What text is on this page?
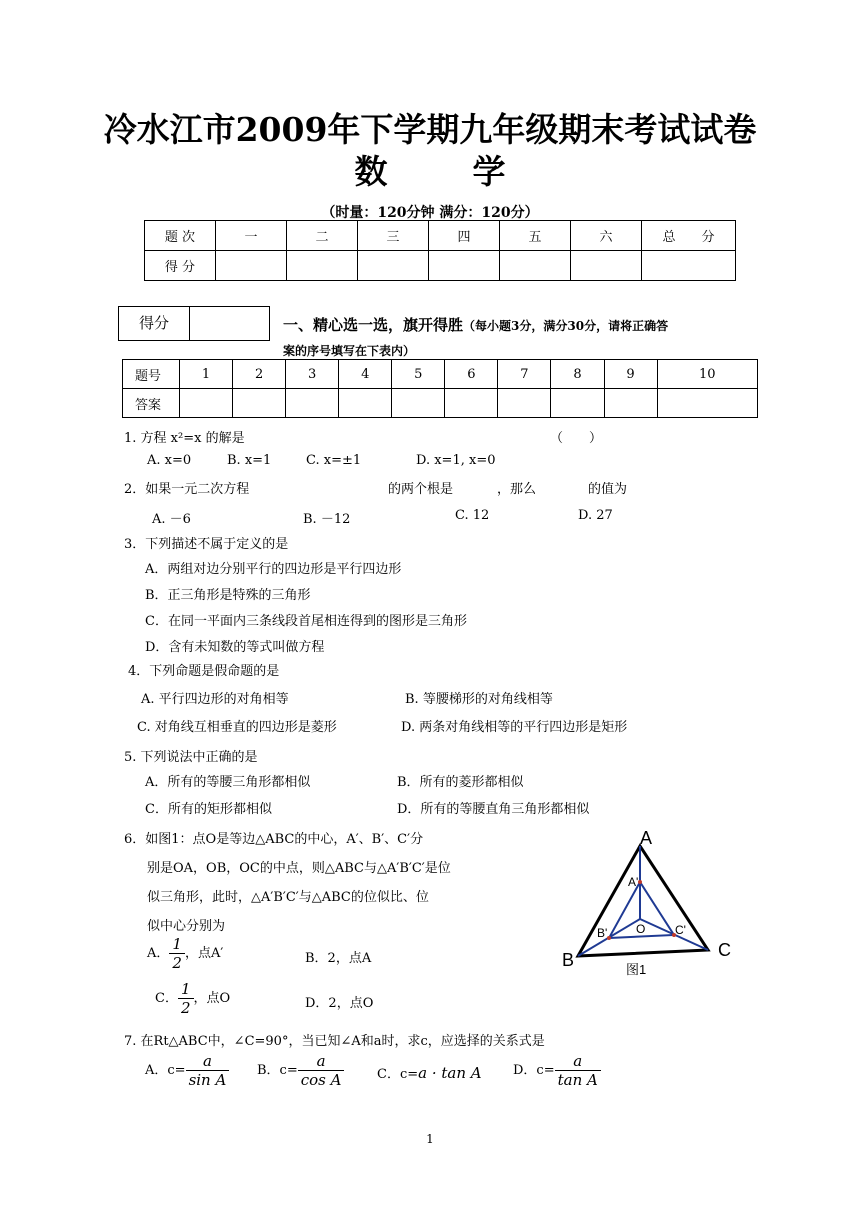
冷水江市2009年下学期九年级期末考试试卷
数	学
（时量：120分钟 满分：120分）
题 次	一	二	三	四	五	六	总　　分
得 分							
得分	一、精心选一选，旗开得胜（每小题3分，满分30分，请将正确答
案的序号填写在下表内）
题号	1	2	3	4	5	6	7	8	9	10
答案										
1. 方程 x²=x 的解是	（　　）
A. x=0	B. x=1	C. x=±1	D. x=1, x=0
2．如果一元二次方程	的两个根是	，那么	的值为
A. －6	B. －12	C. 12	D. 27
3．下列描述不属于定义的是
A．两组对边分别平行的四边形是平行四边形
B．正三角形是特殊的三角形
C．在同一平面内三条线段首尾相连得到的图形是三角形
D．含有未知数的等式叫做方程
4．下列命题是假命题的是
A. 平行四边形的对角相等	B. 等腰梯形的对角线相等
C. 对角线互相垂直的四边形是菱形	D. 两条对角线相等的平行四边形是矩形
5. 下列说法中正确的是
A．所有的等腰三角形都相似	B．所有的菱形都相似
C．所有的矩形都相似	D．所有的等腰直角三角形都相似
6．如图1：点O是等边△ABC的中心，A′、B′、C′分
别是OA，OB，OC的中点，则△ABC与△A′B′C′是位
似三角形，此时，△A′B′C′与△ABC的位似比、位
似中心分别为
A． $\frac{1}{2}$ ，点A′	B．2，点A
C． $\frac{1}{2}$ ，点O	D．2，点O
A
B	C
A'
B'	C'
O
图1
7. 在Rt△ABC中，∠C=90°，当已知∠A和a时，求c，应选择的关系式是
A．$c= \frac{a}{\text{sin A}}$ B．$c= \frac{a}{\text{cos A}}$	C．c=a · tan A D．$c= \frac{a}{\text{tan A}}$
1
